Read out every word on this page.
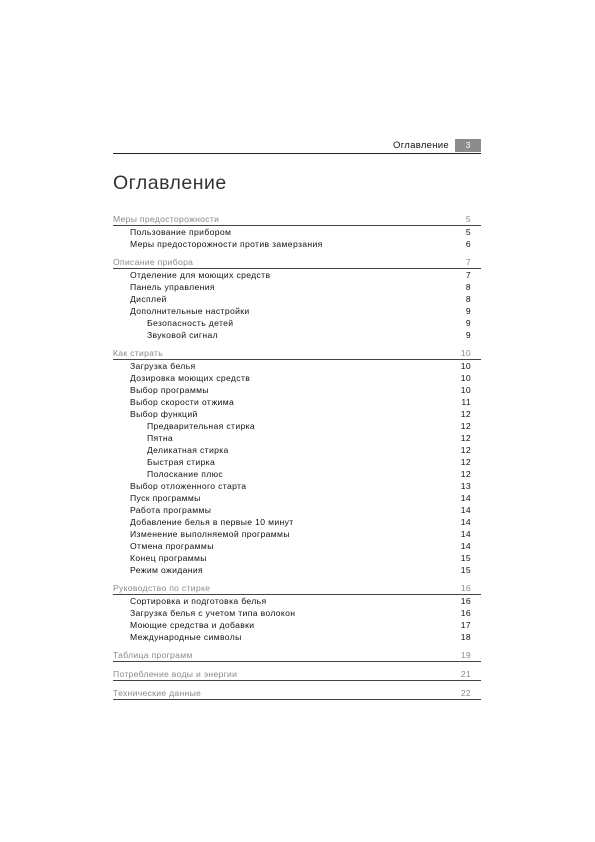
Оглавление	3
Оглавление
Меры предосторожности	5
Пользование прибором	5
Меры предосторожности против замерзания	6
Описание прибора	7
Отделение для моющих средств	7
Панель управления	8
Дисплей	8
Дополнительные настройки	9
Безопасность детей	9
Звуковой сигнал	9
Как стирать	10
Загрузка белья	10
Дозировка моющих средств	10
Выбор программы	10
Выбор скорости отжима	11
Выбор функций	12
Предварительная стирка	12
Пятна	12
Деликатная стирка	12
Быстрая стирка	12
Полоскание плюс	12
Выбор отложенного старта	13
Пуск программы	14
Работа программы	14
Добавление белья в первые 10 минут	14
Изменение выполняемой программы	14
Отмена программы	14
Конец программы	15
Режим ожидания	15
Руководство по стирке	16
Сортировка и подготовка белья	16
Загрузка белья с учетом типа волокон	16
Моющие средства и добавки	17
Международные символы	18
Таблица программ	19
Потребление воды и энергии	21
Технические данные	22
